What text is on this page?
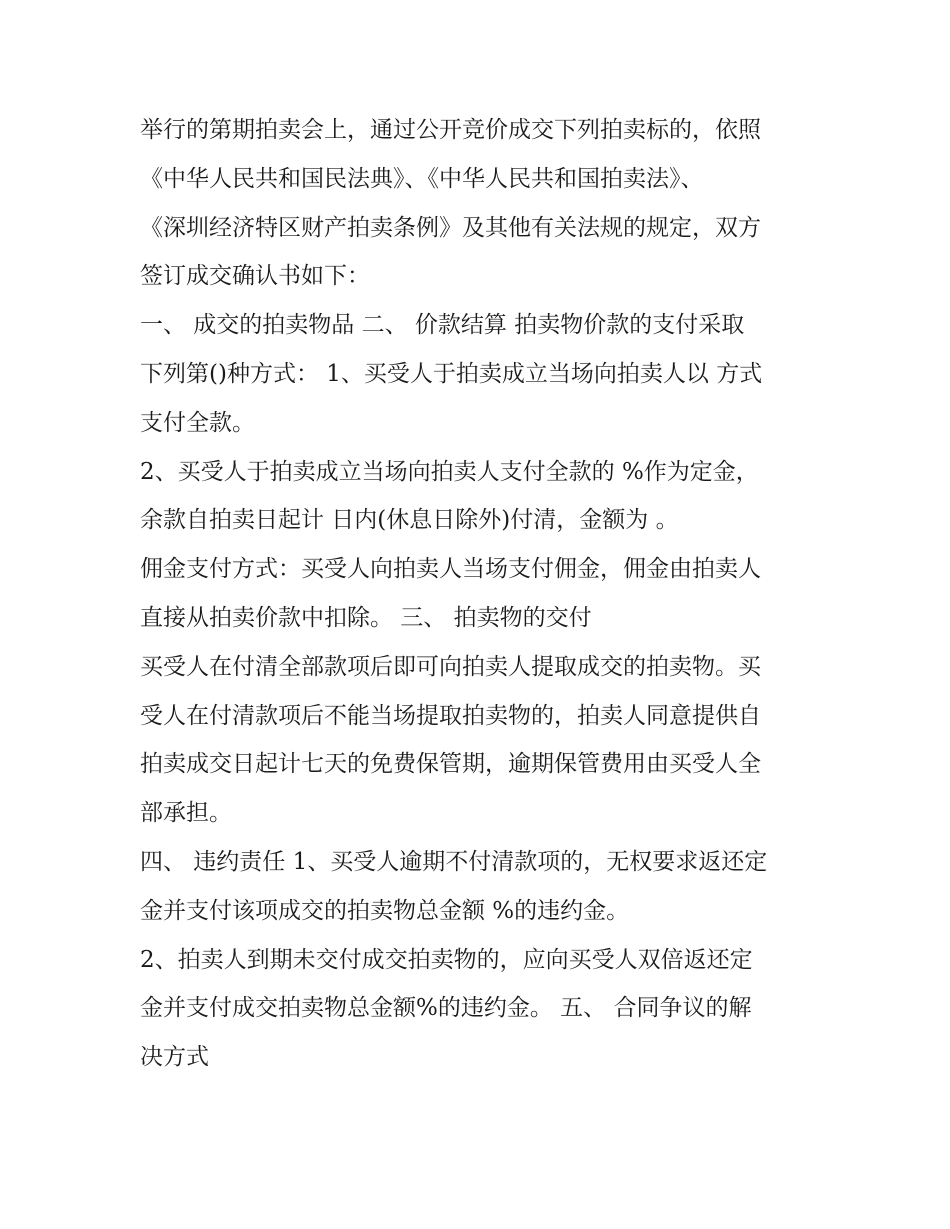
举行的第期拍卖会上，通过公开竞价成交下列拍卖标的，依照
《中华人民共和国民法典》、《中华人民共和国拍卖法》、
《深圳经济特区财产拍卖条例》及其他有关法规的规定，双方
签订成交确认书如下：

一、 成交的拍卖物品 二、 价款结算 拍卖物价款的支付采取
下列第()种方式： 1、买受人于拍卖成立当场向拍卖人以 方式
支付全款。

2、买受人于拍卖成立当场向拍卖人支付全款的 %作为定金，
余款自拍卖日起计 日内(休息日除外)付清，金额为 。

佣金支付方式：买受人向拍卖人当场支付佣金，佣金由拍卖人
直接从拍卖价款中扣除。 三、 拍卖物的交付

买受人在付清全部款项后即可向拍卖人提取成交的拍卖物。买
受人在付清款项后不能当场提取拍卖物的，拍卖人同意提供自
拍卖成交日起计七天的免费保管期，逾期保管费用由买受人全
部承担。

四、 违约责任 1、买受人逾期不付清款项的，无权要求返还定
金并支付该项成交的拍卖物总金额 %的违约金。

2、拍卖人到期未交付成交拍卖物的，应向买受人双倍返还定
金并支付成交拍卖物总金额%的违约金。 五、 合同争议的解
决方式
